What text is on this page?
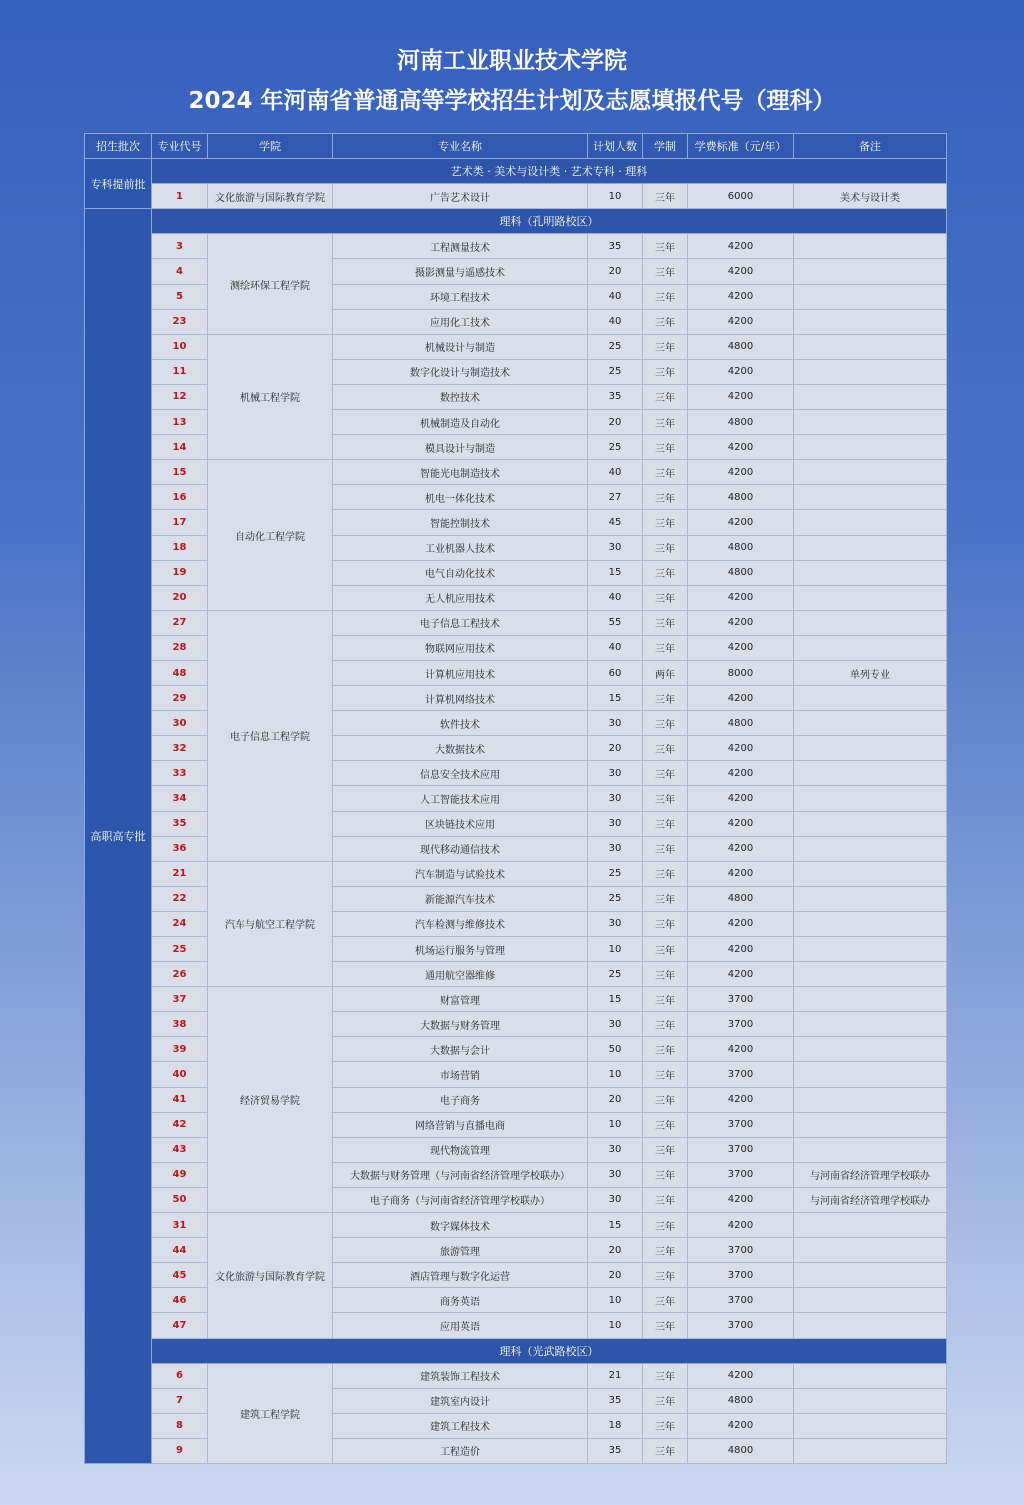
河南工业职业技术学院
2024 年河南省普通高等学校招生计划及志愿填报代号（理科）
招生批次	专业代号	学院	专业名称	计划人数	学制	学费标准（元/年）	备注
专科提前批	艺术类 · 美术与设计类 · 艺术专科 · 理科						
	1	文化旅游与国际教育学院	广告艺术设计	10	三年	6000	美术与设计类
高职高专批	理科（孔明路校区）						
	3	测绘环保工程学院	工程测量技术	35	三年	4200	
	4		摄影测量与遥感技术	20	三年	4200	
	5		环境工程技术	40	三年	4200	
	23		应用化工技术	40	三年	4200	
	10	机械工程学院	机械设计与制造	25	三年	4800	
	11		数字化设计与制造技术	25	三年	4200	
	12		数控技术	35	三年	4200	
	13		机械制造及自动化	20	三年	4800	
	14		模具设计与制造	25	三年	4200	
	15	自动化工程学院	智能光电制造技术	40	三年	4200	
	16		机电一体化技术	27	三年	4800	
	17		智能控制技术	45	三年	4200	
	18		工业机器人技术	30	三年	4800	
	19		电气自动化技术	15	三年	4800	
	20		无人机应用技术	40	三年	4200	
	27	电子信息工程学院	电子信息工程技术	55	三年	4200	
	28		物联网应用技术	40	三年	4200	
	48		计算机应用技术	60	两年	8000	单列专业
	29		计算机网络技术	15	三年	4200	
	30		软件技术	30	三年	4800	
	32		大数据技术	20	三年	4200	
	33		信息安全技术应用	30	三年	4200	
	34		人工智能技术应用	30	三年	4200	
	35		区块链技术应用	30	三年	4200	
	36		现代移动通信技术	30	三年	4200	
	21	汽车与航空工程学院	汽车制造与试验技术	25	三年	4200	
	22		新能源汽车技术	25	三年	4800	
	24		汽车检测与维修技术	30	三年	4200	
	25		机场运行服务与管理	10	三年	4200	
	26		通用航空器维修	25	三年	4200	
	37	经济贸易学院	财富管理	15	三年	3700	
	38		大数据与财务管理	30	三年	3700	
	39		大数据与会计	50	三年	4200	
	40		市场营销	10	三年	3700	
	41		电子商务	20	三年	4200	
	42		网络营销与直播电商	10	三年	3700	
	43		现代物流管理	30	三年	3700	
	49		大数据与财务管理（与河南省经济管理学校联办）	30	三年	3700	与河南省经济管理学校联办
	50		电子商务（与河南省经济管理学校联办）	30	三年	4200	与河南省经济管理学校联办
	31	文化旅游与国际教育学院	数字媒体技术	15	三年	4200	
	44		旅游管理	20	三年	3700	
	45		酒店管理与数字化运营	20	三年	3700	
	46		商务英语	10	三年	3700	
	47		应用英语	10	三年	3700	
	理科（光武路校区）						
	6	建筑工程学院	建筑装饰工程技术	21	三年	4200	
	7		建筑室内设计	35	三年	4800	
	8		建筑工程技术	18	三年	4200	
	9		工程造价	35	三年	4800	
